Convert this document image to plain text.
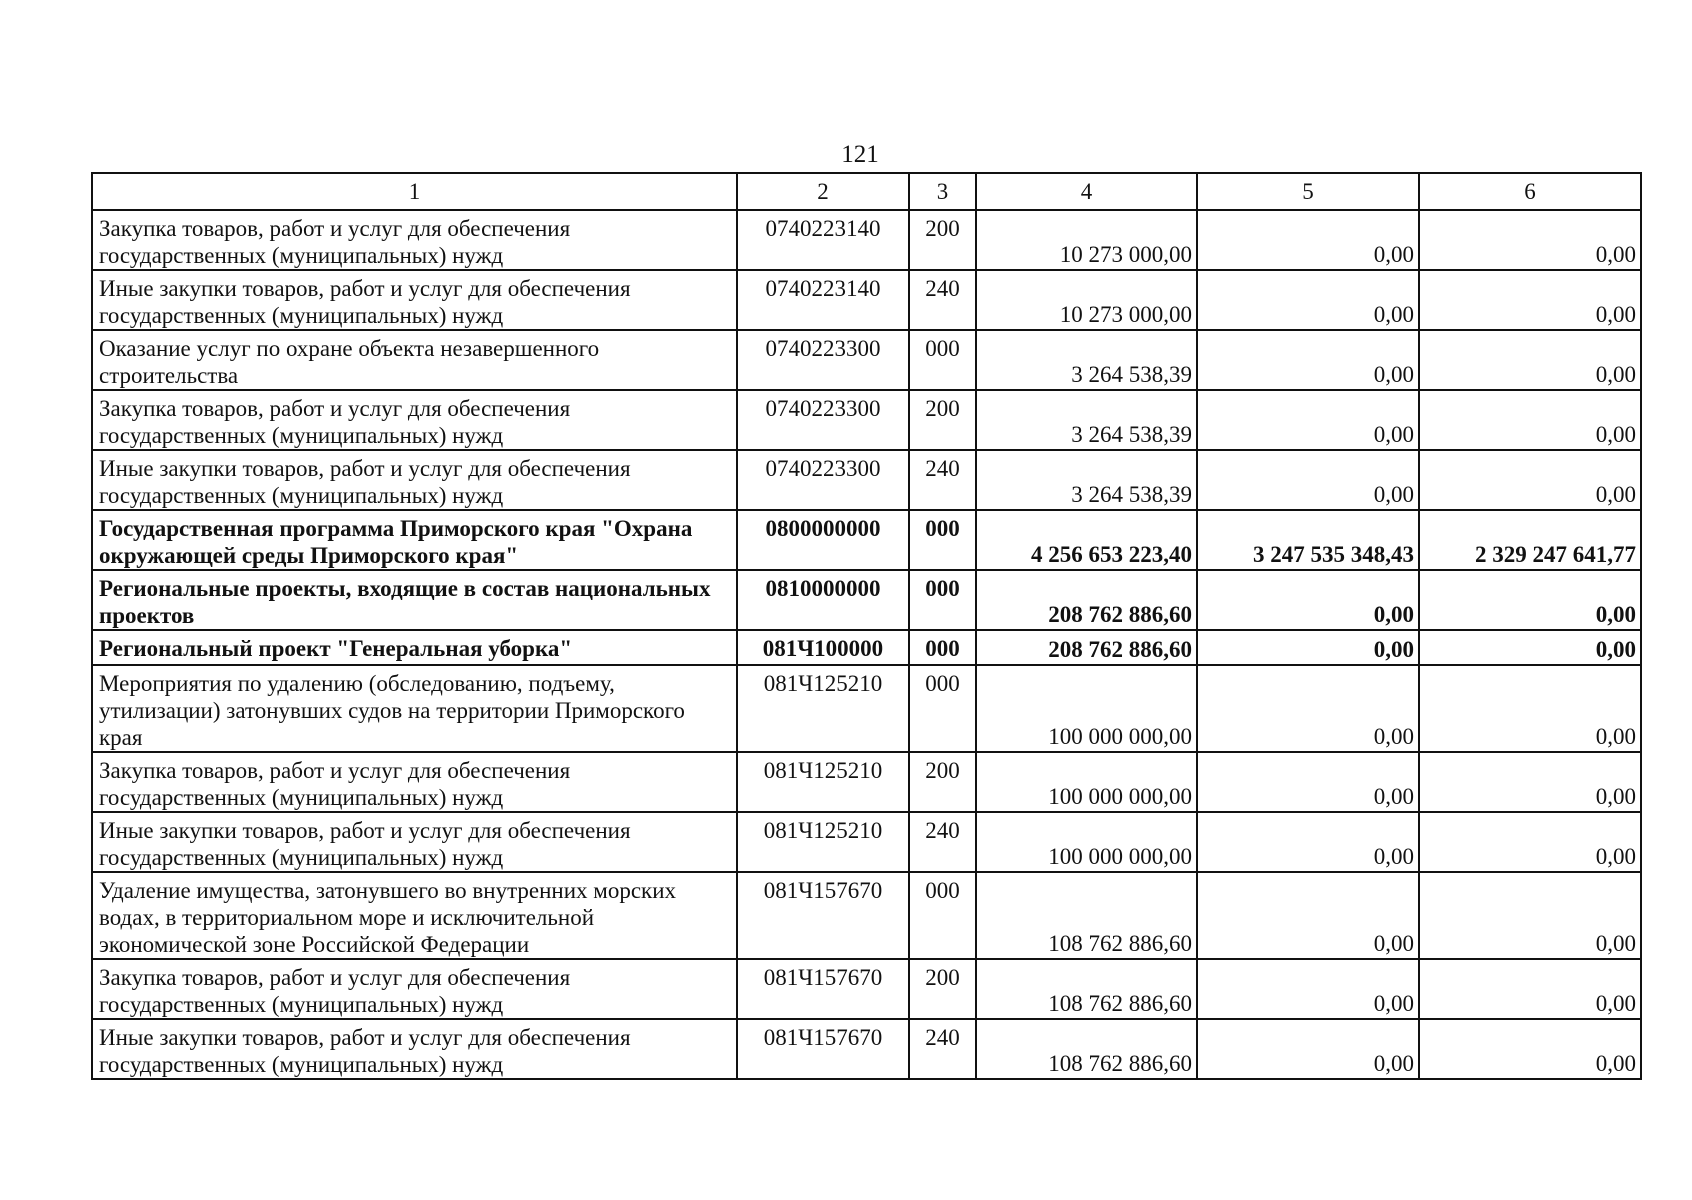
121
1	2	3	4	5	6
Закупка товаров, работ и услуг для обеспечения государственных (муниципальных) нужд	0740223140	200	10 273 000,00	0,00	0,00
Иные закупки товаров, работ и услуг для обеспечения государственных (муниципальных) нужд	0740223140	240	10 273 000,00	0,00	0,00
Оказание услуг по охране объекта незавершенного строительства	0740223300	000	3 264 538,39	0,00	0,00
Закупка товаров, работ и услуг для обеспечения государственных (муниципальных) нужд	0740223300	200	3 264 538,39	0,00	0,00
Иные закупки товаров, работ и услуг для обеспечения государственных (муниципальных) нужд	0740223300	240	3 264 538,39	0,00	0,00
Государственная программа Приморского края "Охрана окружающей среды Приморского края"	0800000000	000	4 256 653 223,40	3 247 535 348,43	2 329 247 641,77
Региональные проекты, входящие в состав национальных проектов	0810000000	000	208 762 886,60	0,00	0,00
Региональный проект "Генеральная уборка"	081Ч100000	000	208 762 886,60	0,00	0,00
Мероприятия по удалению (обследованию, подъему, утилизации) затонувших судов на территории Приморского края	081Ч125210	000	100 000 000,00	0,00	0,00
Закупка товаров, работ и услуг для обеспечения государственных (муниципальных) нужд	081Ч125210	200	100 000 000,00	0,00	0,00
Иные закупки товаров, работ и услуг для обеспечения государственных (муниципальных) нужд	081Ч125210	240	100 000 000,00	0,00	0,00
Удаление имущества, затонувшего во внутренних морских водах, в территориальном море и исключительной экономической зоне Российской Федерации	081Ч157670	000	108 762 886,60	0,00	0,00
Закупка товаров, работ и услуг для обеспечения государственных (муниципальных) нужд	081Ч157670	200	108 762 886,60	0,00	0,00
Иные закупки товаров, работ и услуг для обеспечения государственных (муниципальных) нужд	081Ч157670	240	108 762 886,60	0,00	0,00
